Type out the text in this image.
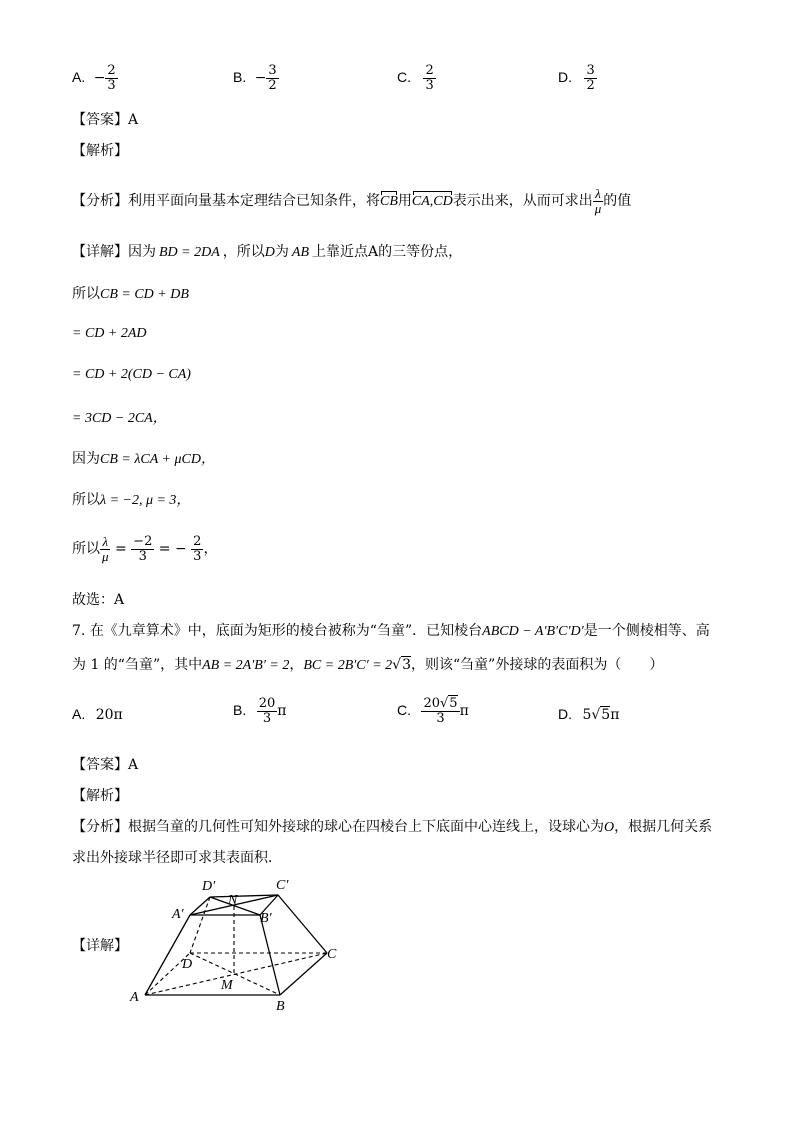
A. − $\frac{2}{3}$	B. − $\frac{3}{2}$	C. $\frac{2}{3}$	D. $\frac{3}{2}$
【答案】A
【解析】
【分析】利用平面向量基本定理结合已知条件，将CB用CA,CD表示出来，从而可求出 $\frac{\lambda}{\mu}$ 的值
【详解】因为 BD = 2DA ，所以D为 AB 上靠近点A的三等份点，
所以CB = CD + DB
= CD + 2AD
= CD + 2(CD − CA)
= 3CD − 2CA，
因为CB = λCA + μCD，
所以λ = −2, μ = 3，
所以 $\frac{\lambda}{\mu} = \frac{-2}{3}$ = − $\frac{2}{3}$ ，
故选：A
7. 在《九章算术》中，底面为矩形的棱台被称为“刍童”．已知棱台ABCD − A′B′C′D′是一个侧棱相等、高
为 1 的“刍童”，其中AB = 2A′B′ = 2，BC = 2B′C′ = 2√3，则该“刍童”外接球的表面积为（　　）
A. 20π	B. $\frac{20}{3}$ π	C. $\frac{20√5}{3}$ π	D. 5√5π
【答案】A
【解析】
【分析】根据刍童的几何性可知外接球的球心在四棱台上下底面中心连线上，设球心为O，根据几何关系
求出外接球半径即可求其表面积．
【详解】
D′	C′
N
A′	B′
D
C
M
A
B
